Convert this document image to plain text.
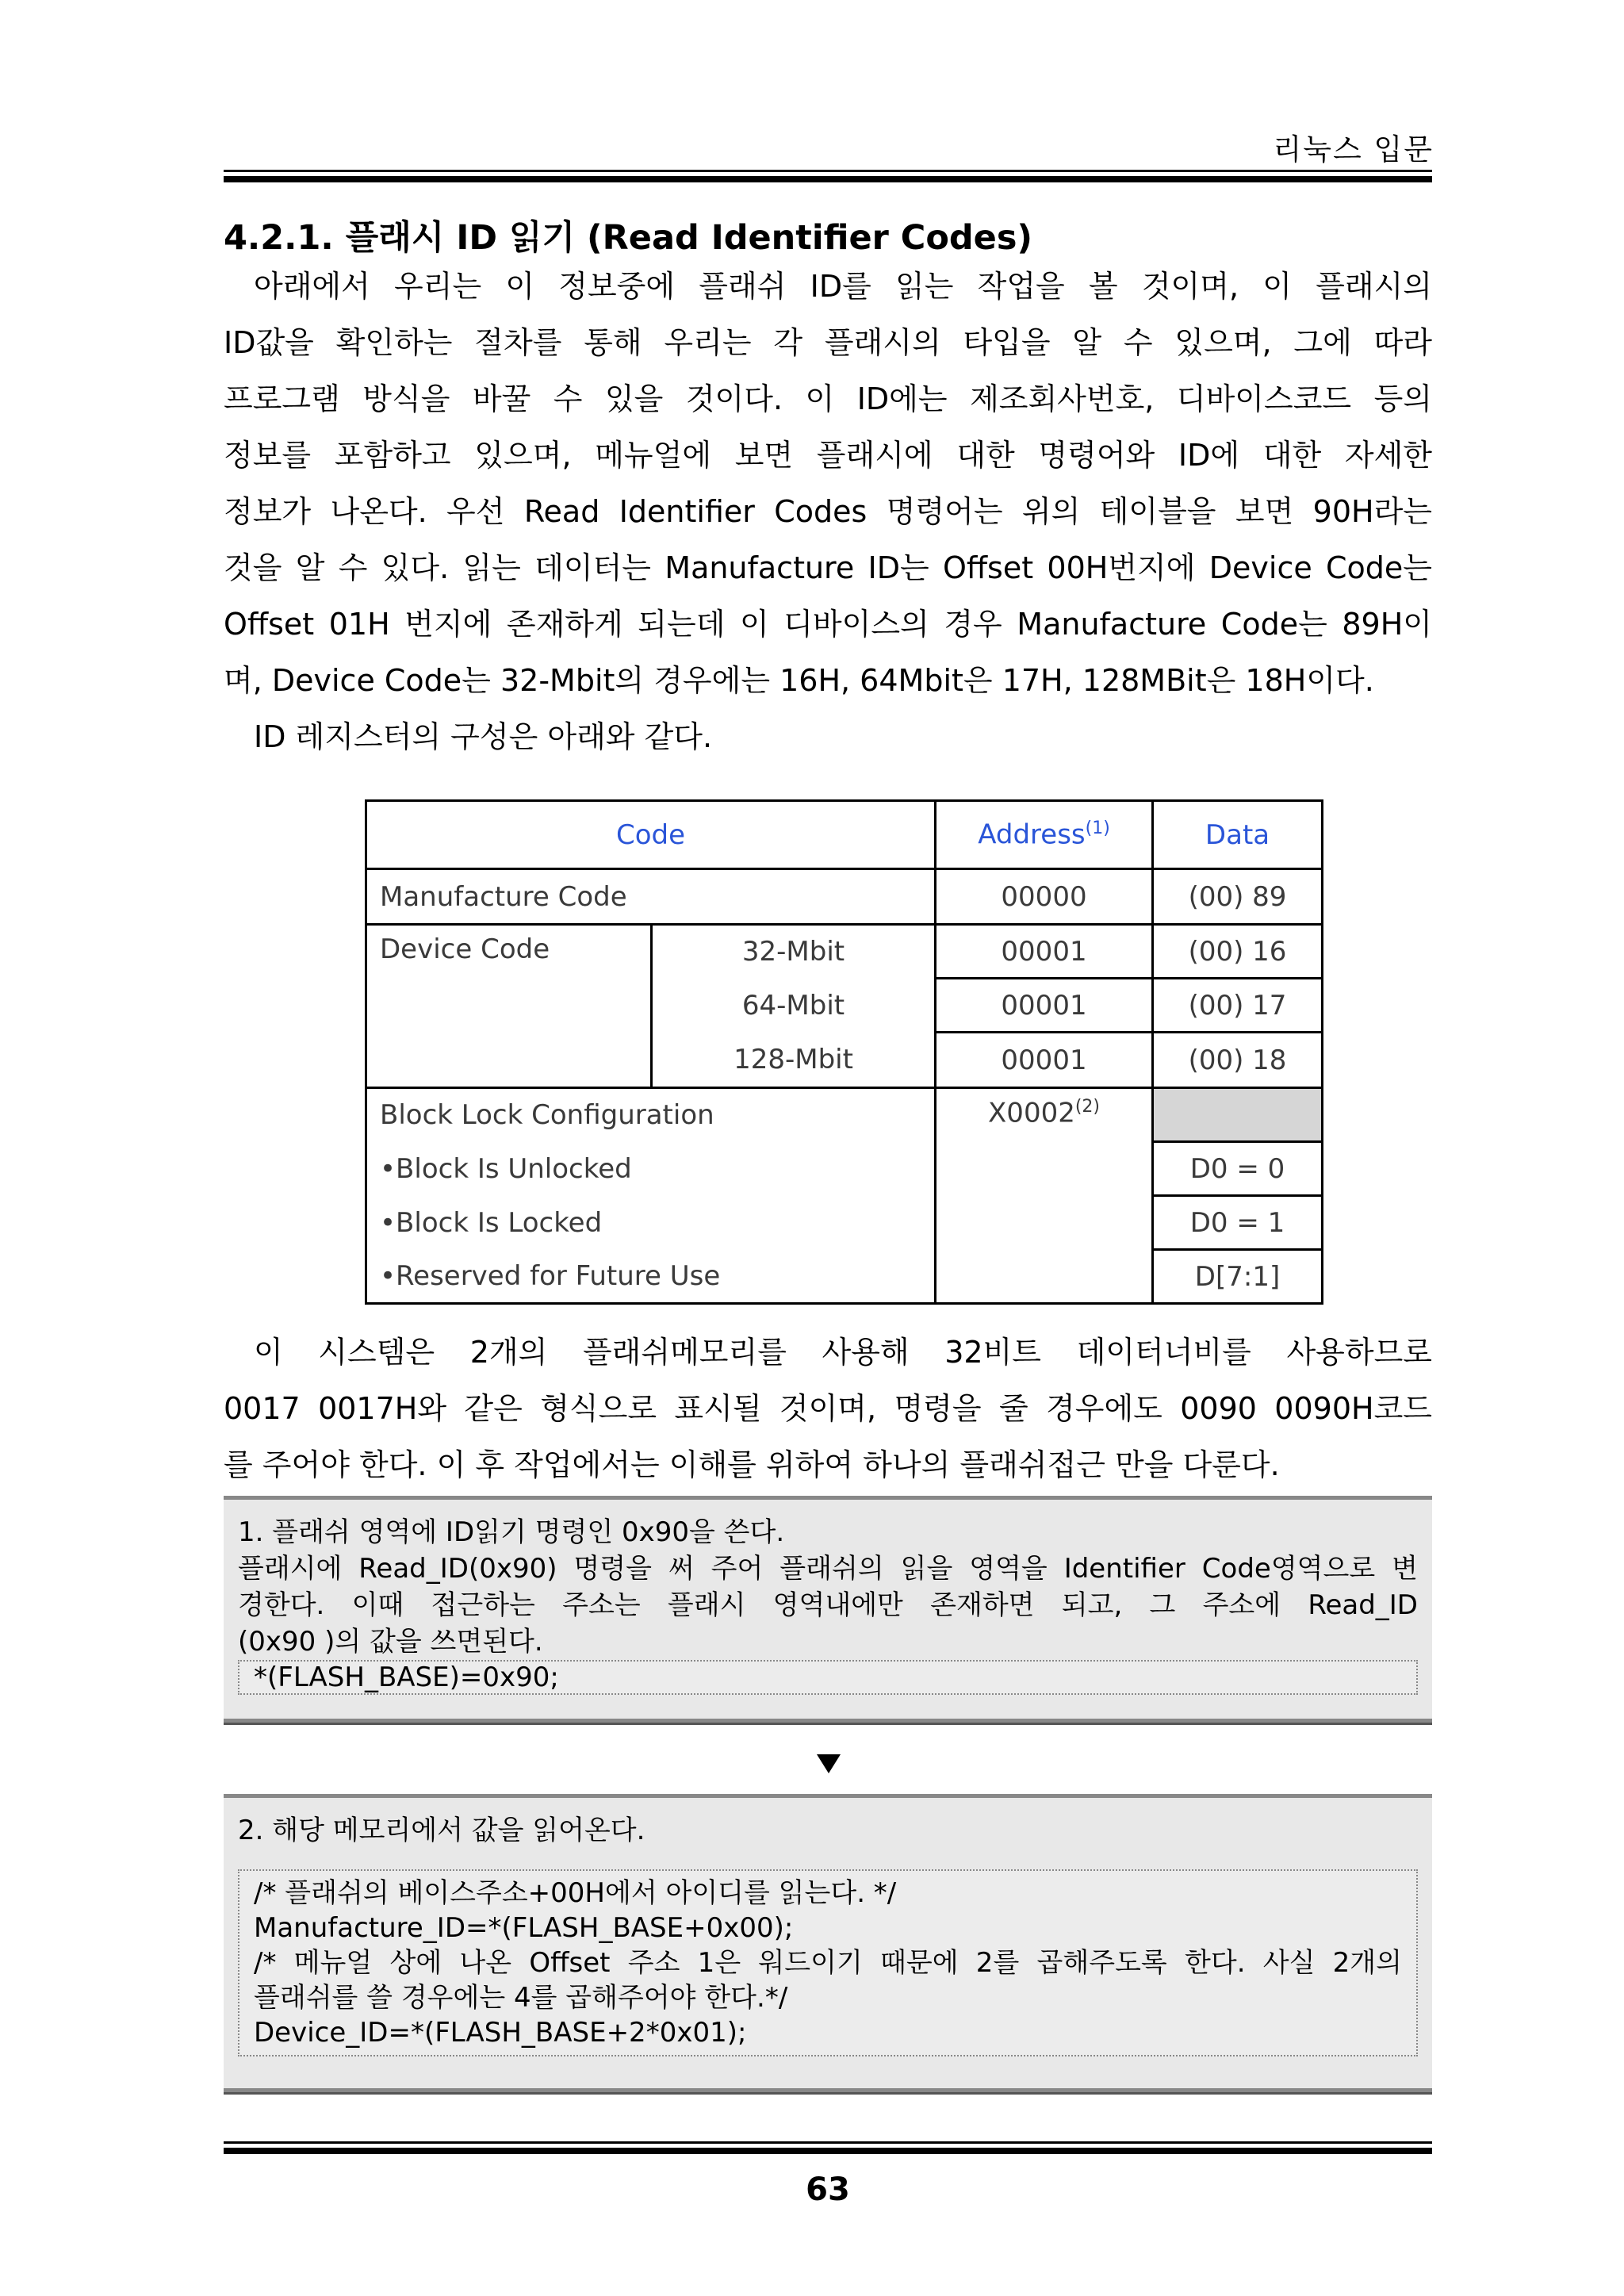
리눅스 입문
4.2.1. 플래시 ID 읽기 (Read Identifier Codes)
아래에서 우리는 이 정보중에 플래쉬 ID를 읽는 작업을 볼 것이며, 이 플래시의
ID값을 확인하는 절차를 통해 우리는 각 플래시의 타입을 알 수 있으며, 그에 따라
프로그램 방식을 바꿀 수 있을 것이다. 이 ID에는 제조회사번호, 디바이스코드 등의
정보를 포함하고 있으며, 메뉴얼에 보면 플래시에 대한 명령어와 ID에 대한 자세한
정보가 나온다. 우선 Read Identifier Codes 명령어는 위의 테이블을 보면 90H라는
것을 알 수 있다. 읽는 데이터는 Manufacture ID는 Offset 00H번지에 Device Code는
Offset 01H 번지에 존재하게 되는데 이 디바이스의 경우 Manufacture Code는 89H이
며, Device Code는 32-Mbit의 경우에는 16H, 64Mbit은 17H, 128MBit은 18H이다.
ID 레지스터의 구성은 아래와 같다.
Code		Address$^{(1)}$	Data
Manufacture Code		00000	(00) 89
Device Code	32-Mbit	00001	(00) 16
	64-Mbit	00001	(00) 17
	128-Mbit	00001	(00) 18
Block Lock Configuration		X0002$^{(2)}$	
•Block Is Unlocked			D0 = 0
•Block Is Locked			D0 = 1
•Reserved for Future Use			D[7:1]
이 시스템은 2개의 플래쉬메모리를 사용해 32비트 데이터너비를 사용하므로
0017 0017H와 같은 형식으로 표시될 것이며, 명령을 줄 경우에도 0090 0090H코드
를 주어야 한다. 이 후 작업에서는 이해를 위하여 하나의 플래쉬접근 만을 다룬다.
1. 플래쉬 영역에 ID읽기 명령인 0x90을 쓴다.
플래시에 Read_ID(0x90) 명령을 써 주어 플래쉬의 읽을 영역을 Identifier Code영역으로 변
경한다. 이때 접근하는 주소는 플래시 영역내에만 존재하면 되고, 그 주소에 Read_ID
(0x90 )의 값을 쓰면된다.
*(FLASH_BASE)=0x90;
2. 해당 메모리에서 값을 읽어온다.
/* 플래쉬의 베이스주소+00H에서 아이디를 읽는다. */
Manufacture_ID=*(FLASH_BASE+0x00);
/* 메뉴얼 상에 나온 Offset 주소 1은 워드이기 때문에 2를 곱해주도록 한다. 사실 2개의
플래쉬를 쓸 경우에는 4를 곱해주어야 한다.*/
Device_ID=*(FLASH_BASE+2*0x01);
63
